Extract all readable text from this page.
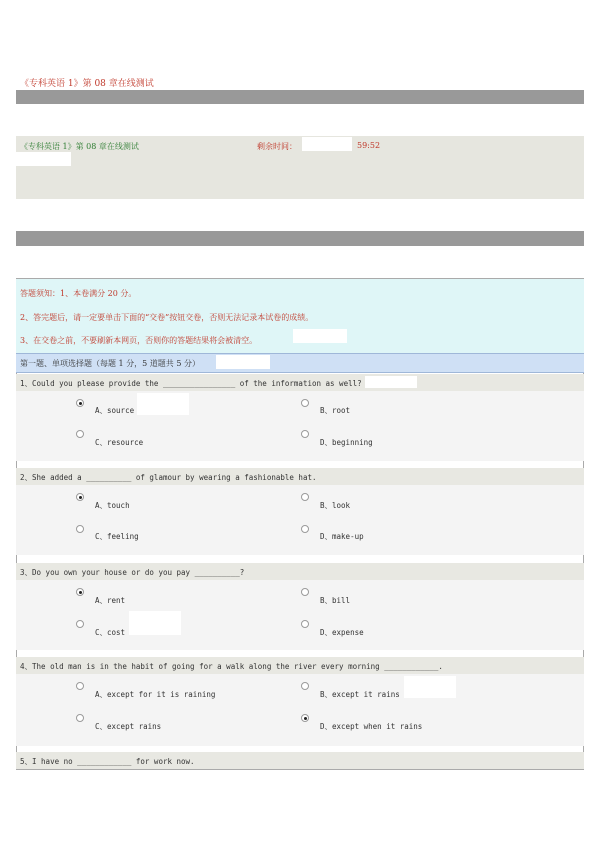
《专科英语 1》第 08 章在线测试
《专科英语 1》第 08 章在线测试	剩余时间：	59:52
答题须知：1、本卷满分 20 分。
2、答完题后，请一定要单击下面的“交卷”按钮交卷，否则无法记录本试卷的成绩。
3、在交卷之前，不要刷新本网页，否则你的答题结果将会被清空。
第一题、单项选择题（每题 1 分，5 道题共 5 分）
1、Could you please provide the ________________ of the information as well?
A、source	B、root
C、resource	D、beginning
2、She added a __________ of glamour by wearing a fashionable hat.
A、touch	B、look
C、feeling	D、make-up
3、Do you own your house or do you pay __________?
A、rent	B、bill
C、cost	D、expense
4、The old man is in the habit of going for a walk along the river every morning ____________.
A、except for it is raining	B、except it rains
C、except rains	D、except when it rains
5、I have no ____________ for work now.
